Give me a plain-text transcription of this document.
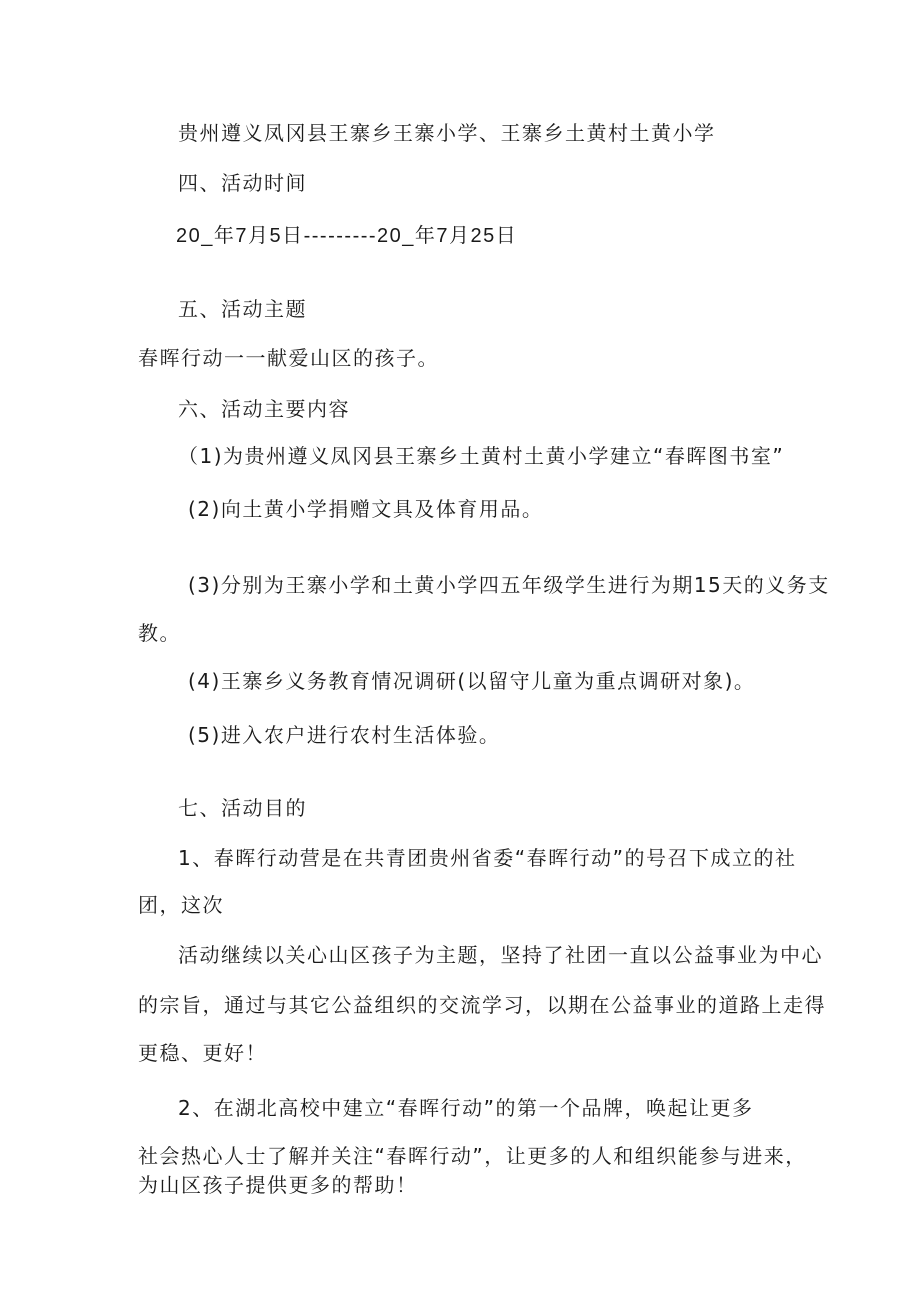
贵州遵义凤冈县王寨乡王寨小学、王寨乡土黄村土黄小学
四、活动时间
20_年7月5日---------20_年7月25日
五、活动主题
春晖行动一一献爱山区的孩子。
六、活动主要内容
（1)为贵州遵义凤冈县王寨乡土黄村土黄小学建立“春晖图书室”
(2)向土黄小学捐赠文具及体育用品。
(3)分别为王寨小学和土黄小学四五年级学生进行为期15天的义务支
教。
(4)王寨乡义务教育情况调研(以留守儿童为重点调研对象)。
(5)进入农户进行农村生活体验。
七、活动目的
1、春晖行动营是在共青团贵州省委“春晖行动”的号召下成立的社
团，这次
活动继续以关心山区孩子为主题，坚持了社团一直以公益事业为中心
的宗旨，通过与其它公益组织的交流学习，以期在公益事业的道路上走得
更稳、更好！
2、在湖北高校中建立“春晖行动”的第一个品牌，唤起让更多
社会热心人士了解并关注“春晖行动”，让更多的人和组织能参与进来，
为山区孩子提供更多的帮助！
